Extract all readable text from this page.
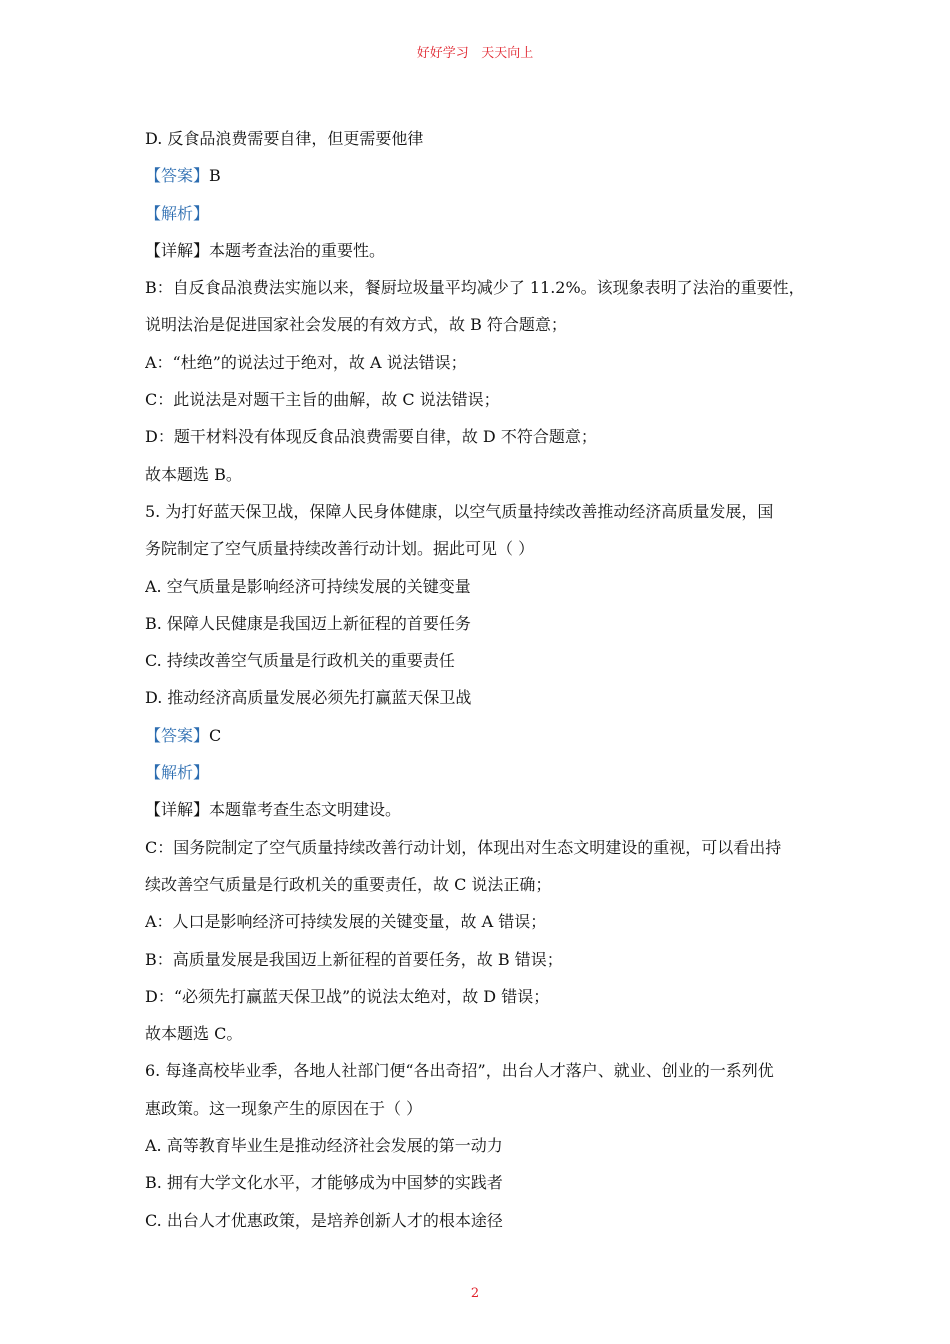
好好学习   天天向上
D. 反食品浪费需要自律，但更需要他律
【答案】B
【解析】
【详解】本题考查法治的重要性。
B：自反食品浪费法实施以来，餐厨垃圾量平均减少了 11.2%。该现象表明了法治的重要性，
说明法治是促进国家社会发展的有效方式，故 B 符合题意；
A：“杜绝”的说法过于绝对，故 A 说法错误；
C：此说法是对题干主旨的曲解，故 C 说法错误；
D：题干材料没有体现反食品浪费需要自律，故 D 不符合题意；
故本题选 B。
5. 为打好蓝天保卫战，保障人民身体健康，以空气质量持续改善推动经济高质量发展，国
务院制定了空气质量持续改善行动计划。据此可见（ ）
A. 空气质量是影响经济可持续发展的关键变量
B. 保障人民健康是我国迈上新征程的首要任务
C. 持续改善空气质量是行政机关的重要责任
D. 推动经济高质量发展必须先打赢蓝天保卫战
【答案】C
【解析】
【详解】本题靠考查生态文明建设。
C：国务院制定了空气质量持续改善行动计划，体现出对生态文明建设的重视，可以看出持
续改善空气质量是行政机关的重要责任，故 C 说法正确；
A：人口是影响经济可持续发展的关键变量，故 A 错误；
B：高质量发展是我国迈上新征程的首要任务，故 B 错误；
D：“必须先打赢蓝天保卫战”的说法太绝对，故 D 错误；
故本题选 C。
6. 每逢高校毕业季，各地人社部门便“各出奇招”，出台人才落户、就业、创业的一系列优
惠政策。这一现象产生的原因在于（ ）
A. 高等教育毕业生是推动经济社会发展的第一动力
B. 拥有大学文化水平，才能够成为中国梦的实践者
C. 出台人才优惠政策，是培养创新人才的根本途径
2
